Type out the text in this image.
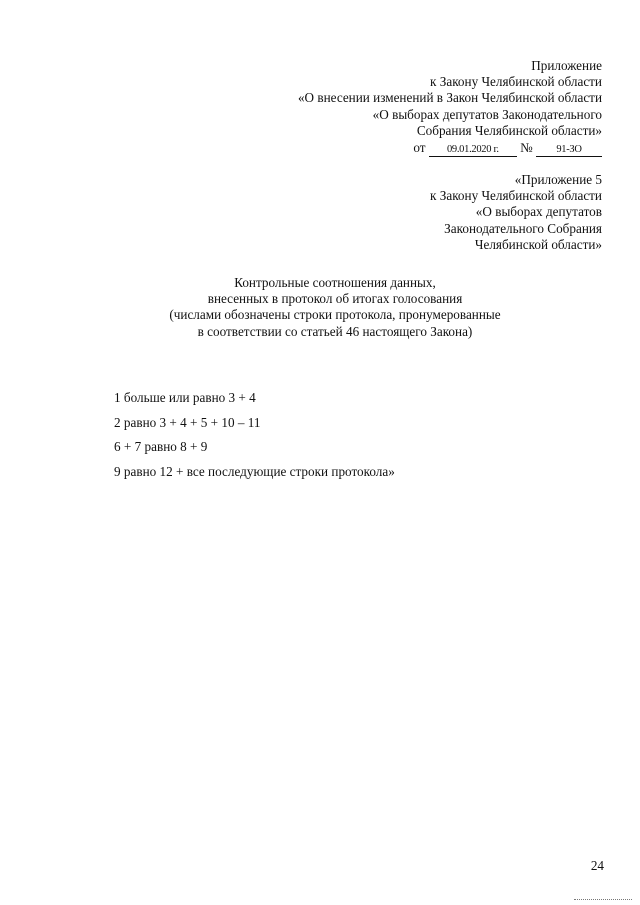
Приложение
к Закону Челябинской области
«О внесении изменений в Закон Челябинской области
«О выборах депутатов Законодательного
Собрания Челябинской области»
от 09.01.2020 г. № 91-ЗО
«Приложение 5
к Закону Челябинской области
«О выборах депутатов
Законодательного Собрания
Челябинской области»
Контрольные соотношения данных,
внесенных в протокол об итогах голосования
(числами обозначены строки протокола, пронумерованные
в соответствии со статьей 46 настоящего Закона)
1 больше или равно 3 + 4
2 равно 3 + 4 + 5 + 10 – 11
6 + 7 равно 8 + 9
9 равно 12 + все последующие строки протокола»
24
